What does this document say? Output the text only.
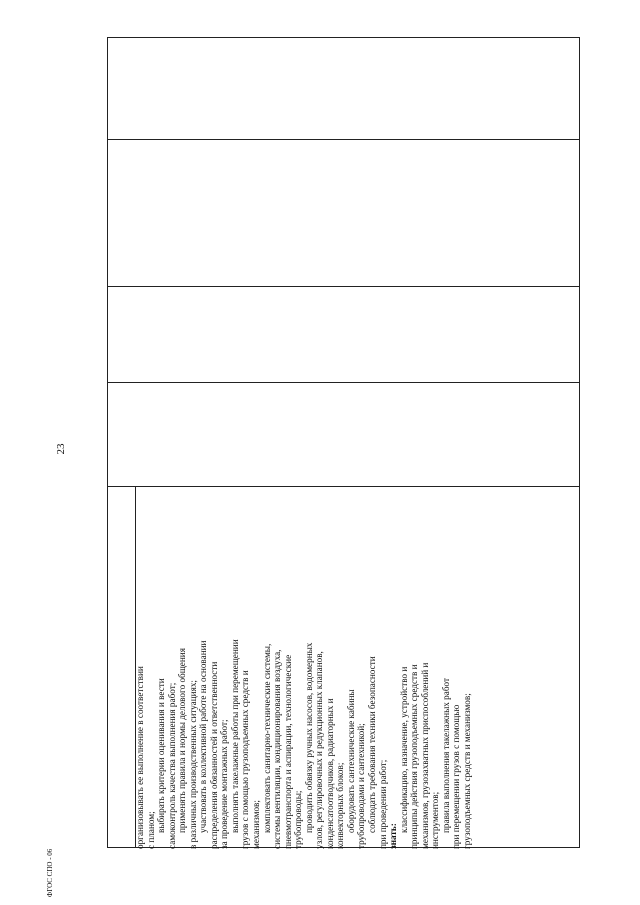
23
организовывать ее выполнение в соответствии с планом; выбирать критерии оценивания и вести самоконтроль качества выполнения работ; применять правила и нормы делового общения в различных производственных ситуациях; участвовать в коллективной работе на основании распределения обязанностей и ответственности за проведение монтажных работ; выполнять такелажные работы при перемещении грузов с помощью грузоподъемных средств и механизмов; комплектовать санитарно-технические системы, системы вентиляции, кондиционирования воздуха, пневмотранспорта и аспирации, технологические трубопроводы; проводить обвязку ручных насосов, водомерных узлов, регулировочных и редукционных клапанов, конденсатоотводчиков, радиаторных и конвекторных блоков; оборудовать сантехнические кабины трубопроводами и сантехникой; соблюдать требования техники безопасности при проведении работ; знать:
классификацию, назначение, устройство и принципы действия грузоподъемных средств и механизмов, грузозахватных приспособлений и инструментов; правила выполнения такелажных работ при перемещении грузов с помощью грузоподъемных средств и механизмов;
ФГОС СПО - 06
